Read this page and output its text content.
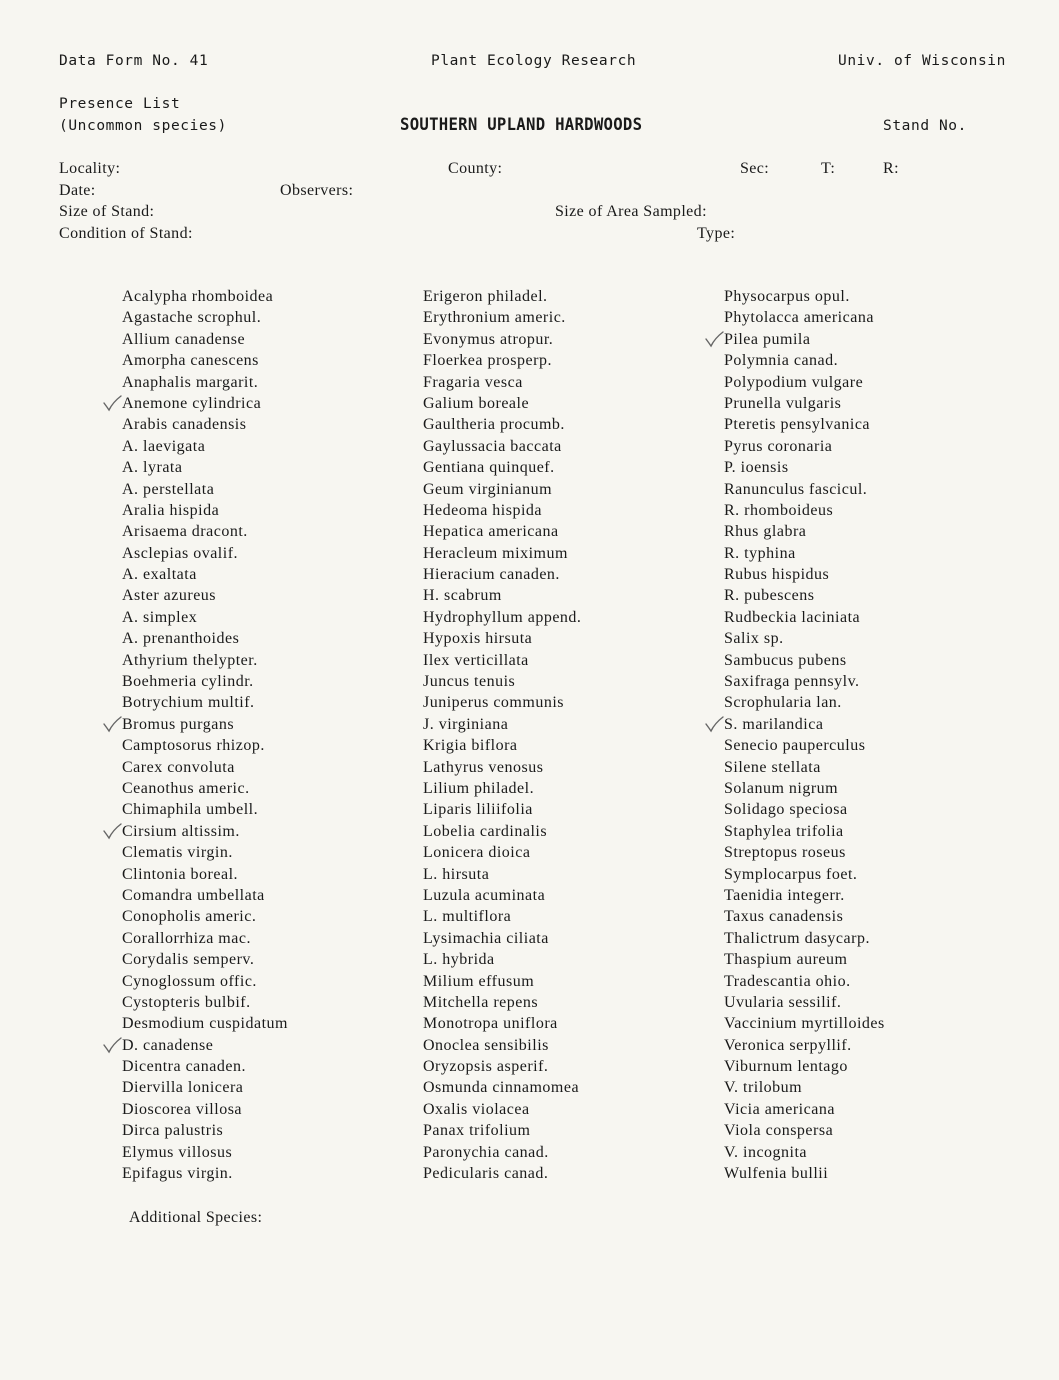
Data Form No. 41	Plant Ecology Research	Univ. of Wisconsin
Presence List
(Uncommon species)	SOUTHERN UPLAND HARDWOODS	Stand No.
Locality:	County:	Sec:	T:	R:
Date:	Observers:
Size of Stand:	Size of Area Sampled:
Condition of Stand:	Type:
Acalypha rhomboidea
Agastache scrophul.
Allium canadense
Amorpha canescens
Anaphalis margarit.
Anemone cylindrica
Arabis canadensis
A. laevigata
A. lyrata
A. perstellata
Aralia hispida
Arisaema dracont.
Asclepias ovalif.
A. exaltata
Aster azureus
A. simplex
A. prenanthoides
Athyrium thelypter.
Boehmeria cylindr.
Botrychium multif.
Bromus purgans
Camptosorus rhizop.
Carex convoluta
Ceanothus americ.
Chimaphila umbell.
Cirsium altissim.
Clematis virgin.
Clintonia boreal.
Comandra umbellata
Conopholis americ.
Corallorrhiza mac.
Corydalis semperv.
Cynoglossum offic.
Cystopteris bulbif.
Desmodium cuspidatum
D. canadense
Dicentra canaden.
Diervilla lonicera
Dioscorea villosa
Dirca palustris
Elymus villosus
Epifagus virgin.
Erigeron philadel.
Erythronium americ.
Evonymus atropur.
Floerkea prosperp.
Fragaria vesca
Galium boreale
Gaultheria procumb.
Gaylussacia baccata
Gentiana quinquef.
Geum virginianum
Hedeoma hispida
Hepatica americana
Heracleum miximum
Hieracium canaden.
H. scabrum
Hydrophyllum append.
Hypoxis hirsuta
Ilex verticillata
Juncus tenuis
Juniperus communis
J. virginiana
Krigia biflora
Lathyrus venosus
Lilium philadel.
Liparis liliifolia
Lobelia cardinalis
Lonicera dioica
L. hirsuta
Luzula acuminata
L. multiflora
Lysimachia ciliata
L. hybrida
Milium effusum
Mitchella repens
Monotropa uniflora
Onoclea sensibilis
Oryzopsis asperif.
Osmunda cinnamomea
Oxalis violacea
Panax trifolium
Paronychia canad.
Pedicularis canad.
Physocarpus opul.
Phytolacca americana
Pilea pumila
Polymnia canad.
Polypodium vulgare
Prunella vulgaris
Pteretis pensylvanica
Pyrus coronaria
P. ioensis
Ranunculus fascicul.
R. rhomboideus
Rhus glabra
R. typhina
Rubus hispidus
R. pubescens
Rudbeckia laciniata
Salix sp.
Sambucus pubens
Saxifraga pennsylv.
Scrophularia lan.
S. marilandica
Senecio pauperculus
Silene stellata
Solanum nigrum
Solidago speciosa
Staphylea trifolia
Streptopus roseus
Symplocarpus foet.
Taenidia integerr.
Taxus canadensis
Thalictrum dasycarp.
Thaspium aureum
Tradescantia ohio.
Uvularia sessilif.
Vaccinium myrtilloides
Veronica serpyllif.
Viburnum lentago
V. trilobum
Vicia americana
Viola conspersa
V. incognita
Wulfenia bullii
Additional Species:
